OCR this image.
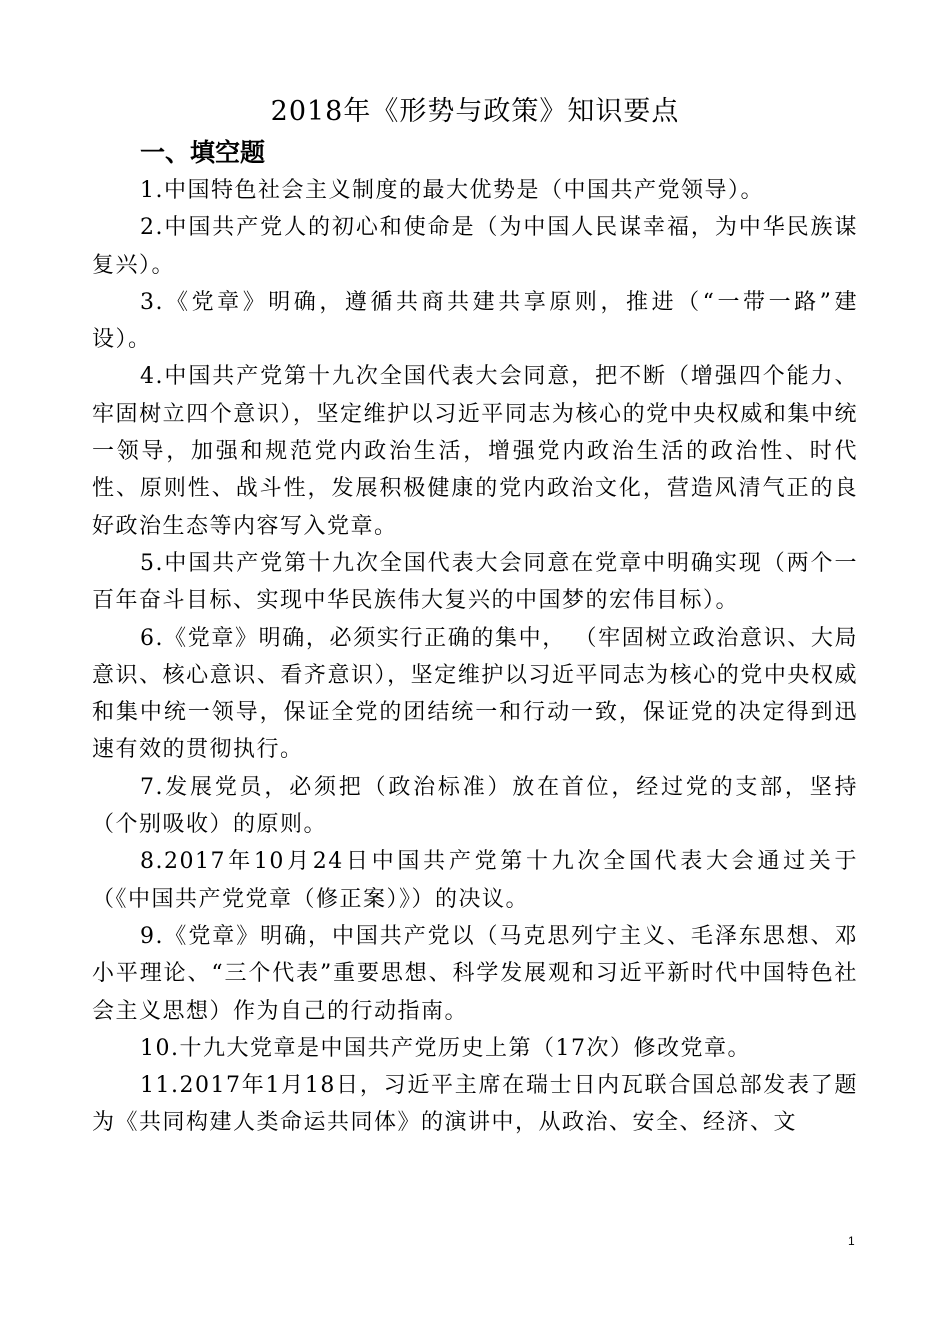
2018年《形势与政策》知识要点
一、填空题

1.中国特色社会主义制度的最大优势是（中国共产党领导）。

2.中国共产党人的初心和使命是（为中国人民谋幸福，为中华民族谋复兴）。

3.《党章》明确，遵循共商共建共享原则，推进（“一带一路”建设）。

4.中国共产党第十九次全国代表大会同意，把不断（增强四个能力、牢固树立四个意识），坚定维护以习近平同志为核心的党中央权威和集中统一领导，加强和规范党内政治生活，增强党内政治生活的政治性、时代性、原则性、战斗性，发展积极健康的党内政治文化，营造风清气正的良好政治生态等内容写入党章。

5.中国共产党第十九次全国代表大会同意在党章中明确实现（两个一百年奋斗目标、实现中华民族伟大复兴的中国梦的宏伟目标）。

6.《党章》明确，必须实行正确的集中， （牢固树立政治意识、大局意识、核心意识、看齐意识），坚定维护以习近平同志为核心的党中央权威和集中统一领导，保证全党的团结统一和行动一致，保证党的决定得到迅速有效的贯彻执行。

7.发展党员，必须把（政治标准）放在首位，经过党的支部，坚持（个别吸收）的原则。

8.2017年10月24日中国共产党第十九次全国代表大会通过关于（《中国共产党党章（修正案）》）的决议。

9.《党章》明确，中国共产党以（马克思列宁主义、毛泽东思想、邓小平理论、“三个代表”重要思想、科学发展观和习近平新时代中国特色社会主义思想）作为自己的行动指南。

10.十九大党章是中国共产党历史上第（17次）修改党章。

11.2017年1月18日，习近平主席在瑞士日内瓦联合国总部发表了题为《共同构建人类命运共同体》的演讲中，从政治、安全、经济、文

1
